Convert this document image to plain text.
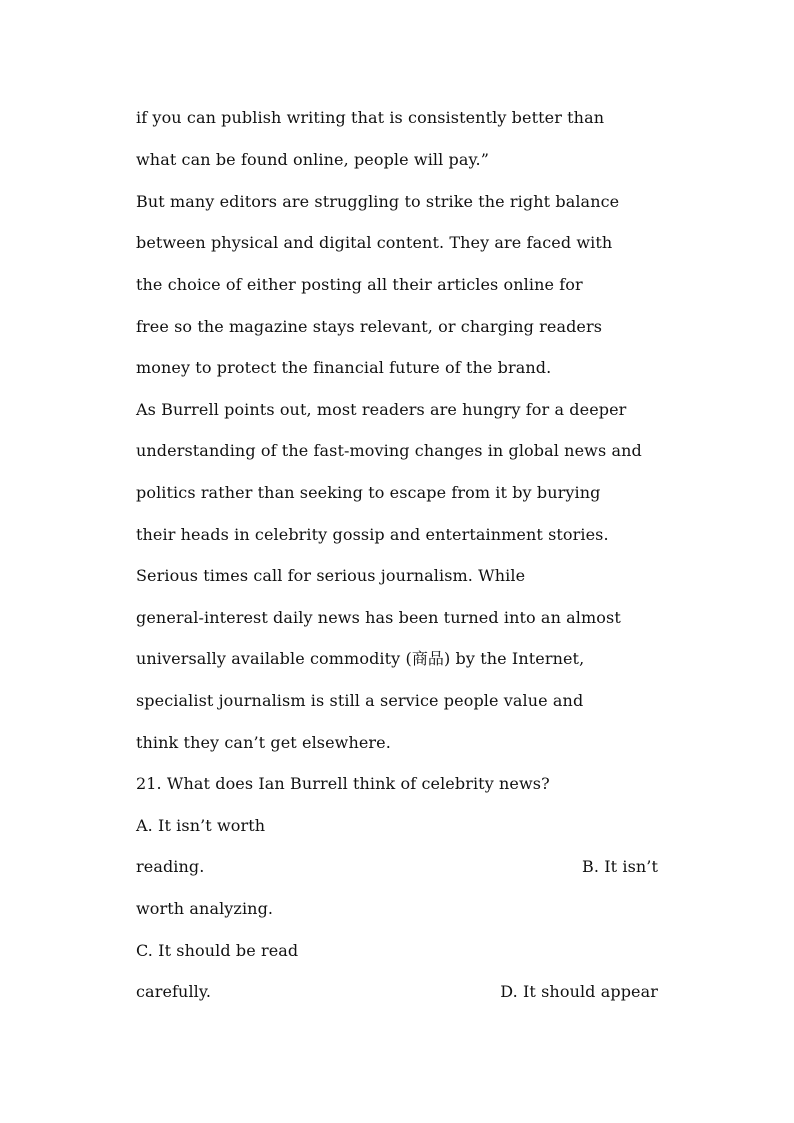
if you can publish writing that is consistently better than
what can be found online, people will pay.”
But many editors are struggling to strike the right balance
between physical and digital content. They are faced with
the choice of either posting all their articles online for
free so the magazine stays relevant, or charging readers
money to protect the financial future of the brand.
As Burrell points out, most readers are hungry for a deeper
understanding of the fast-moving changes in global news and
politics rather than seeking to escape from it by burying
their heads in celebrity gossip and entertainment stories.
Serious times call for serious journalism. While
general-interest daily news has been turned into an almost
universally available commodity (商品) by the Internet,
specialist journalism is still a service people value and
think they can’t get elsewhere.
21. What does Ian Burrell think of celebrity news?
A. It isn’t worth
reading.	B. It isn’t
worth analyzing.
C. It should be read
carefully.	D. It should appear
